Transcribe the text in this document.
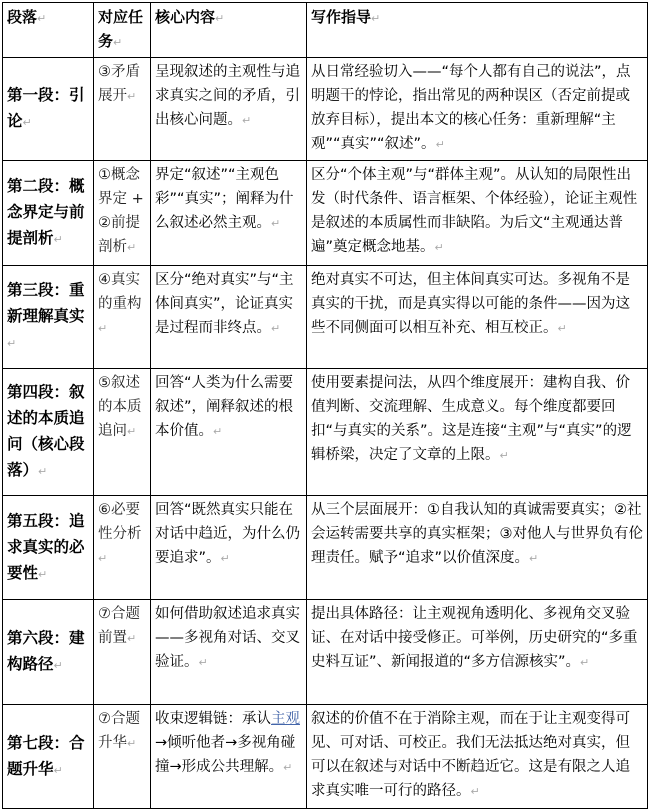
段落↵	对应任务↵	核心内容↵	写作指导↵
第一段：引论↵	③矛盾展开↵	呈现叙述的主观性与追求真实之间的矛盾，引出核心问题。↵	从日常经验切入——“每个人都有自己的说法”，点明题干的悖论，指出常见的两种误区（否定前提或放弃目标），提出本文的核心任务：重新理解“主观”“真实”“叙述”。↵
第二段：概念界定与前提剖析↵	①概念界定 + ②前提剖析↵	界定“叙述”“主观色彩”“真实”；阐释为什么叙述必然主观。↵	区分“个体主观”与“群体主观”。从认知的局限性出发（时代条件、语言框架、个体经验），论证主观性是叙述的本质属性而非缺陷。为后文“主观通达普遍”奠定概念地基。↵
第三段：重新理解真实↵	④真实的重构↵	区分“绝对真实”与“主体间真实”，论证真实是过程而非终点。↵	绝对真实不可达，但主体间真实可达。多视角不是真实的干扰，而是真实得以可能的条件——因为这些不同侧面可以相互补充、相互校正。↵
第四段：叙述的本质追问（核心段落）↵	⑤叙述的本质追问↵	回答“人类为什么需要叙述”，阐释叙述的根本价值。↵	使用要素提问法，从四个维度展开：建构自我、价值判断、交流理解、生成意义。每个维度都要回扣“与真实的关系”。这是连接“主观”与“真实”的逻辑桥梁，决定了文章的上限。↵
第五段：追求真实的必要性↵	⑥必要性分析↵	回答“既然真实只能在对话中趋近，为什么仍要追求”。↵	从三个层面展开：①自我认知的真诚需要真实；②社会运转需要共享的真实框架；③对他人与世界负有伦理责任。赋予“追求”以价值深度。↵
第六段：建构路径↵	⑦合题前置↵	如何借助叙述追求真实——多视角对话、交叉验证。↵	提出具体路径：让主观视角透明化、多视角交叉验证、在对话中接受修正。可举例，历史研究的“多重史料互证”、新闻报道的“多方信源核实”。↵
第七段：合题升华↵	⑦合题升华↵	收束逻辑链：承认主观→倾听他者→多视角碰撞→形成公共理解。↵	叙述的价值不在于消除主观，而在于让主观变得可见、可对话、可校正。我们无法抵达绝对真实，但可以在叙述与对话中不断趋近它。这是有限之人追求真实唯一可行的路径。↵
